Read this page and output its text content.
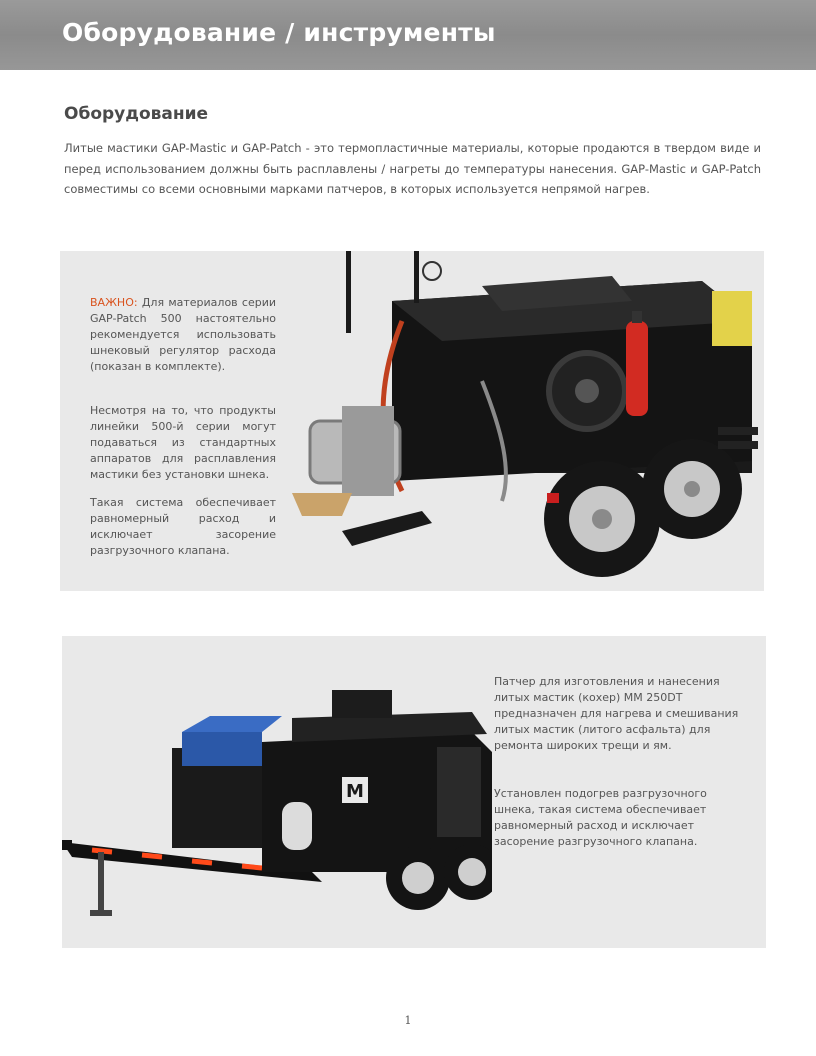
Оборудование / инструменты
Оборудование

Литые мастики GAP-Mastic и GAP-Patch - это термопластичные материалы, которые продаются в твердом виде и перед использованием должны быть расплавлены / нагреты до температуры нанесения. GAP-Mastic и GAP-Patch совместимы со всеми основными марками патчеров, в которых используется непрямой нагрев.

ВАЖНО: Для материалов серии GAP-Patch 500 настоятельно рекомендуется использовать шнековый регулятор расхода (показан в комплекте).

Несмотря на то, что продукты линейки 500-й серии могут подаваться из стандартных аппаратов для расплавления мастики без установки шнека.

Такая система обеспечивает равномерный расход и исключает засорение разгрузочного клапана.

M

Патчер для изготовления и нанесения литых мастик (кохер) MM 250DT предназначен для нагрева и смешивания литых мастик (литого асфальта) для ремонта широких трещи и ям.

Установлен подогрев разгрузочного шнека, такая система обеспечивает равномерный расход и исключает засорение разгрузочного клапана.

1
